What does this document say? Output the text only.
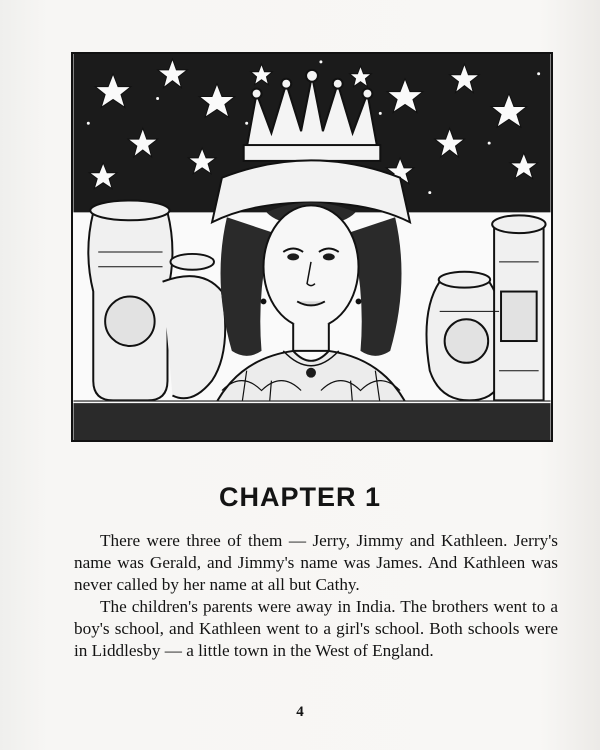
CHAPTER 1

There were three of them — Jerry, Jimmy and Kathleen. Jerry's name was Gerald, and Jimmy's name was James. And Kathleen was never called by her name at all but Cathy.

The children's parents were away in India. The brothers went to a boy's school, and Kathleen went to a girl's school. Both schools were in Liddlesby — a little town in the West of England.

4
